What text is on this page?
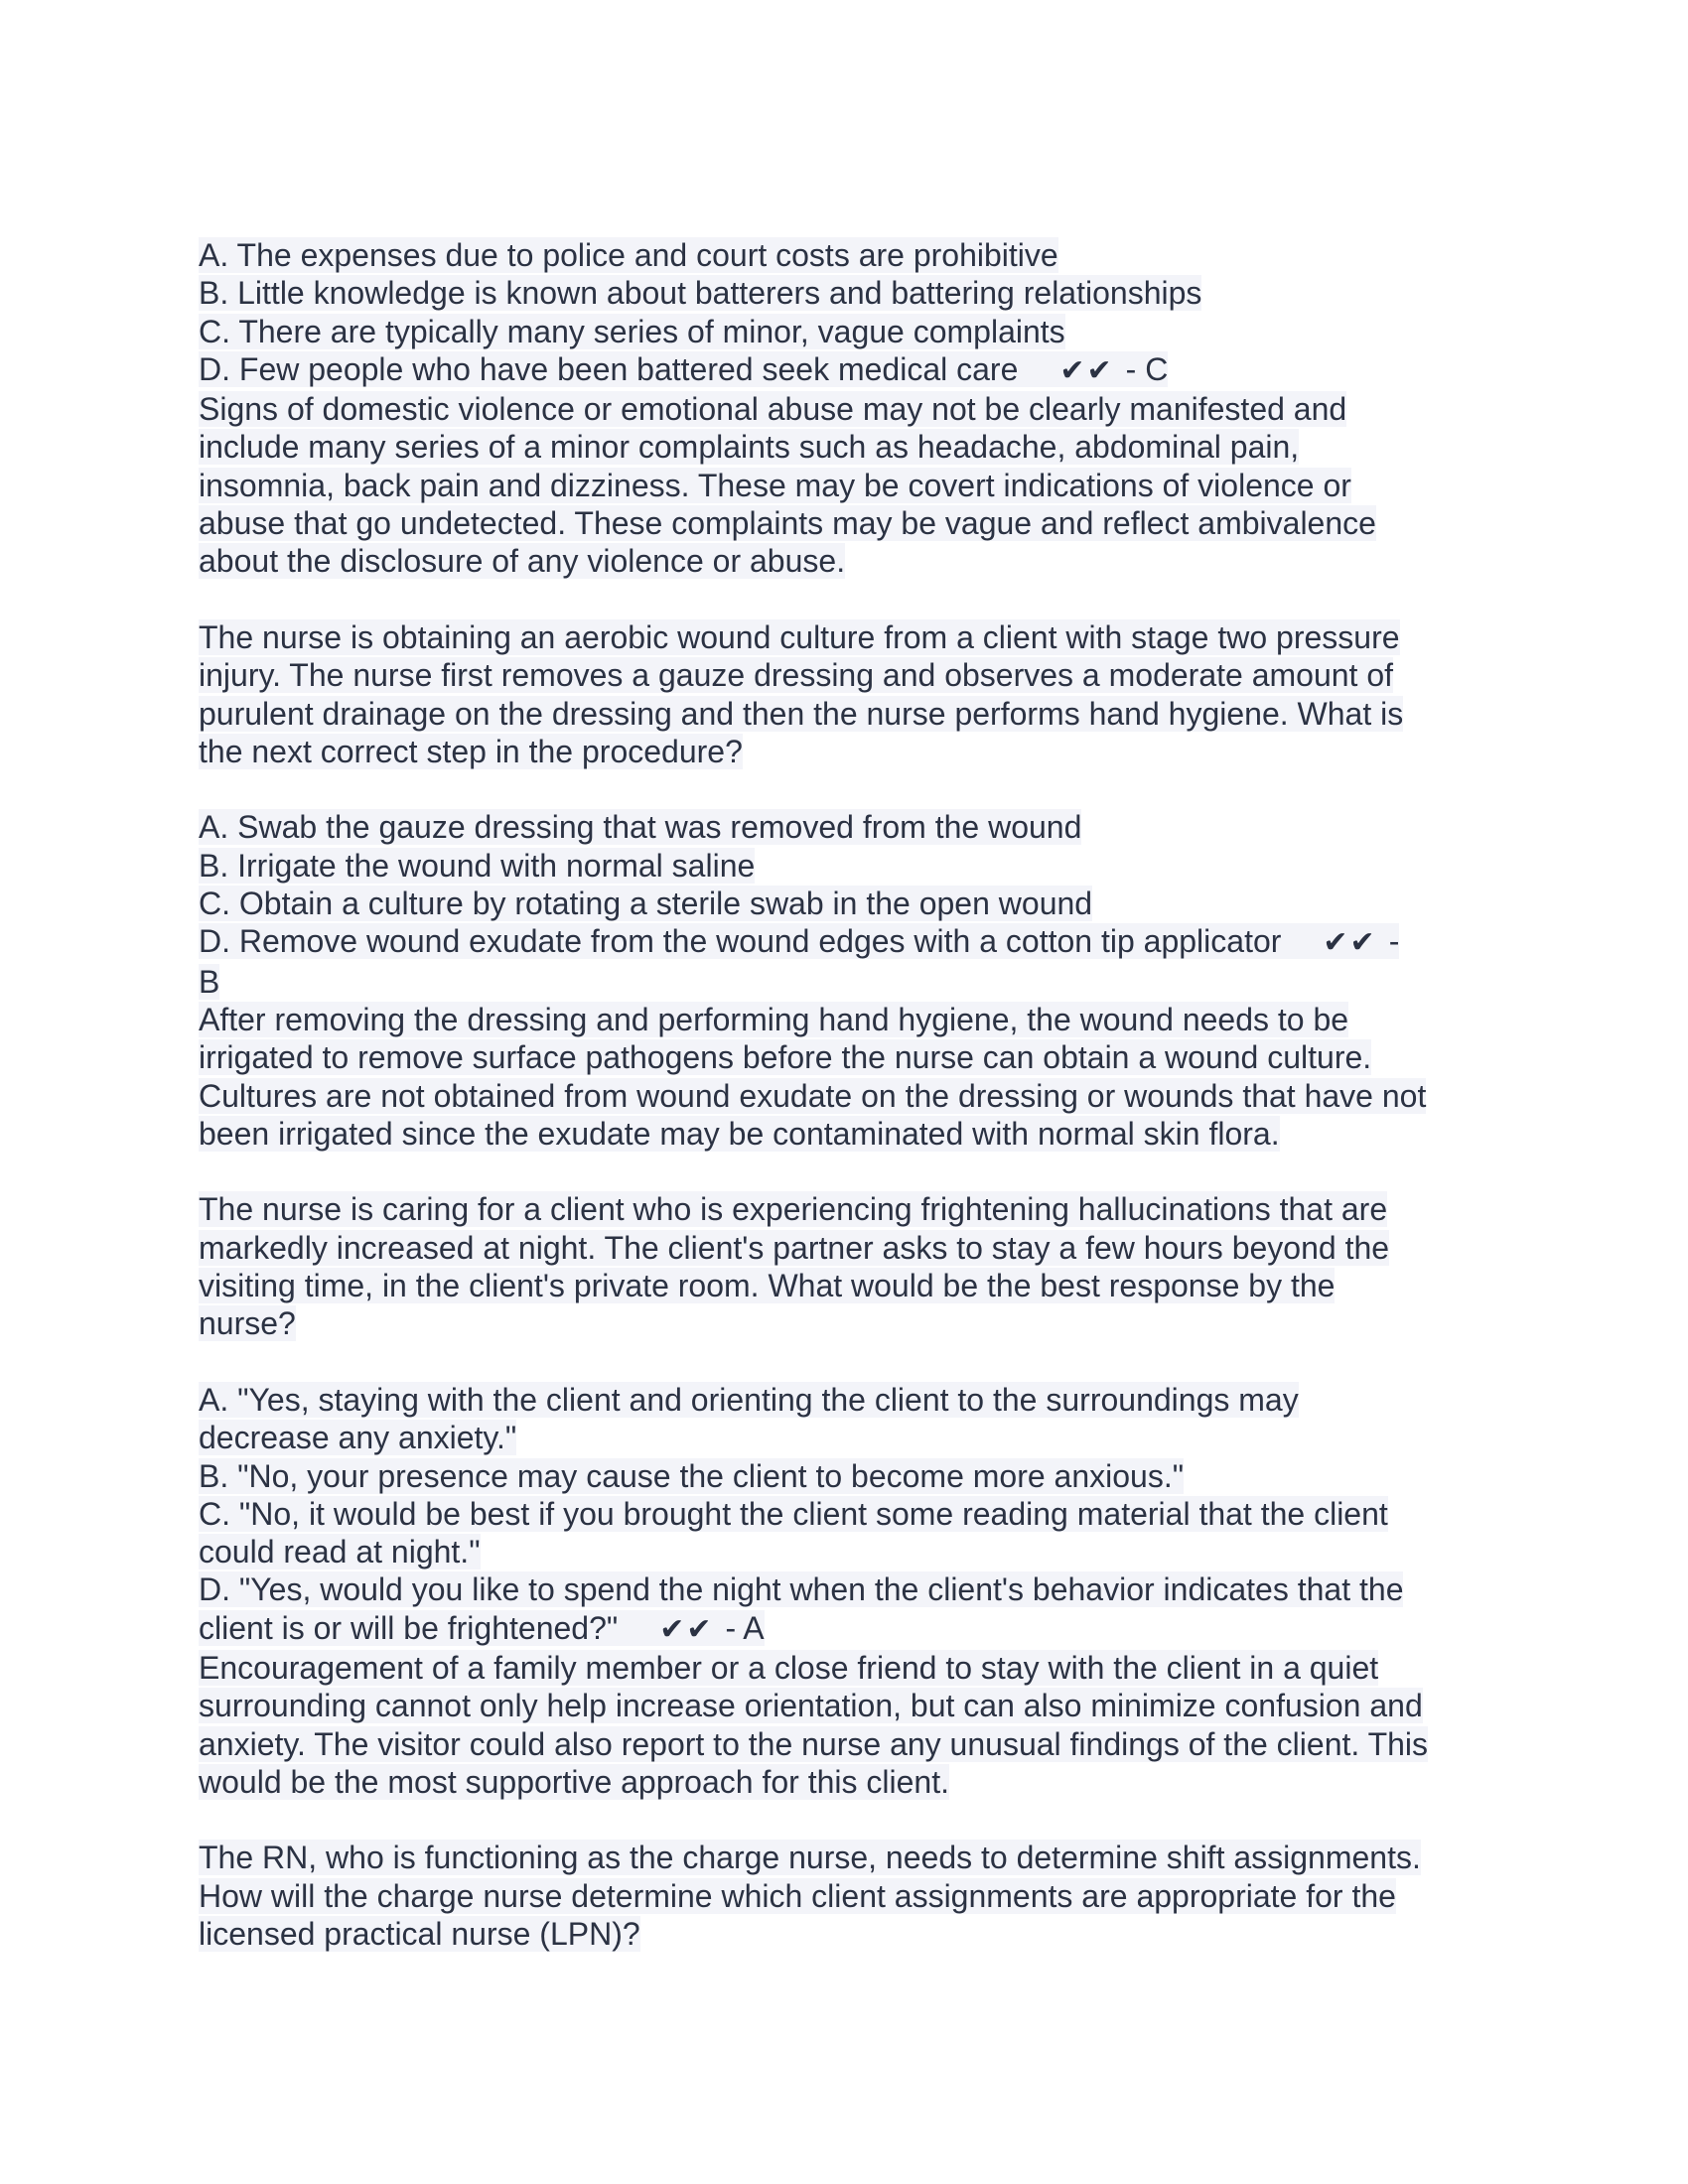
A. The expenses due to police and court costs are prohibitive
B. Little knowledge is known about batterers and battering relationships
C. There are typically many series of minor, vague complaints
D. Few people who have been battered seek medical care ✔✔ - C
Signs of domestic violence or emotional abuse may not be clearly manifested and
include many series of a minor complaints such as headache, abdominal pain,
insomnia, back pain and dizziness. These may be covert indications of violence or
abuse that go undetected. These complaints may be vague and reflect ambivalence
about the disclosure of any violence or abuse.
The nurse is obtaining an aerobic wound culture from a client with stage two pressure
injury. The nurse first removes a gauze dressing and observes a moderate amount of
purulent drainage on the dressing and then the nurse performs hand hygiene. What is
the next correct step in the procedure?
A. Swab the gauze dressing that was removed from the wound
B. Irrigate the wound with normal saline
C. Obtain a culture by rotating a sterile swab in the open wound
D. Remove wound exudate from the wound edges with a cotton tip applicator ✔✔ -
B
After removing the dressing and performing hand hygiene, the wound needs to be
irrigated to remove surface pathogens before the nurse can obtain a wound culture.
Cultures are not obtained from wound exudate on the dressing or wounds that have not
been irrigated since the exudate may be contaminated with normal skin flora.
The nurse is caring for a client who is experiencing frightening hallucinations that are
markedly increased at night. The client's partner asks to stay a few hours beyond the
visiting time, in the client's private room. What would be the best response by the
nurse?
A. "Yes, staying with the client and orienting the client to the surroundings may
decrease any anxiety."
B. "No, your presence may cause the client to become more anxious."
C. "No, it would be best if you brought the client some reading material that the client
could read at night."
D. "Yes, would you like to spend the night when the client's behavior indicates that the
client is or will be frightened?" ✔✔ - A
Encouragement of a family member or a close friend to stay with the client in a quiet
surrounding cannot only help increase orientation, but can also minimize confusion and
anxiety. The visitor could also report to the nurse any unusual findings of the client. This
would be the most supportive approach for this client.
The RN, who is functioning as the charge nurse, needs to determine shift assignments.
How will the charge nurse determine which client assignments are appropriate for the
licensed practical nurse (LPN)?
